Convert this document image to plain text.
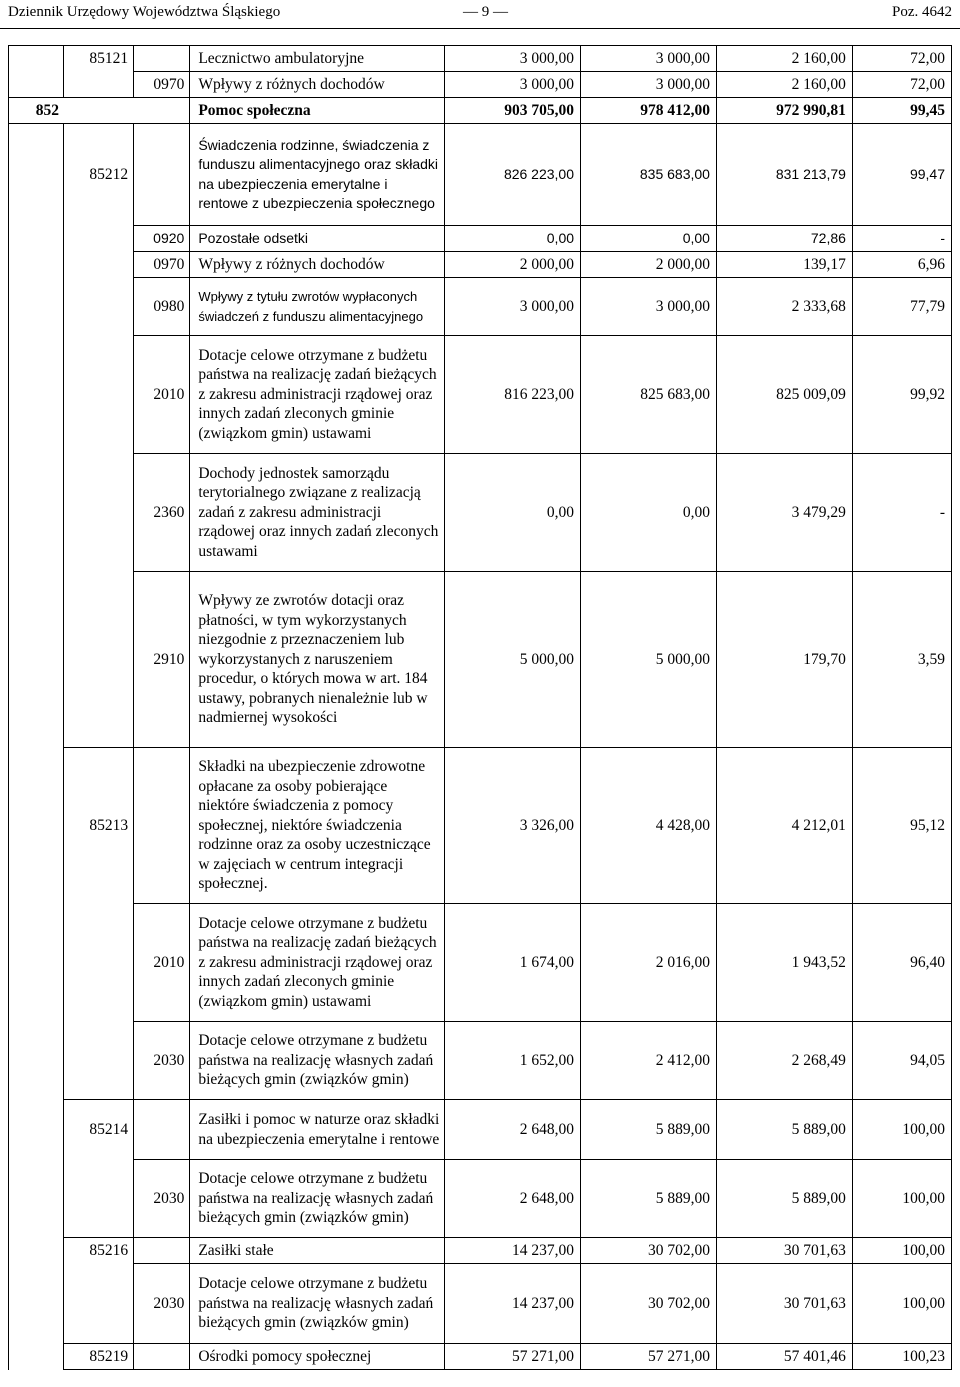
Dziennik Urzędowy Województwa Śląskiego	— 9 —	Poz. 4642
	85121		Lecznictwo ambulatoryjne	3 000,00	3 000,00	2 160,00	72,00
		0970	Wpływy z różnych dochodów	3 000,00	3 000,00	2 160,00	72,00
852			Pomoc społeczna	903 705,00	978 412,00	972 990,81	99,45
	85212		Świadczenia rodzinne, świadczenia z funduszu alimentacyjnego oraz składki na ubezpieczenia emerytalne i rentowe z ubezpieczenia społecznego	826 223,00	835 683,00	831 213,79	99,47
		0920	Pozostałe odsetki	0,00	0,00	72,86	-
		0970	Wpływy z różnych dochodów	2 000,00	2 000,00	139,17	6,96
		0980	Wpływy z tytułu zwrotów wypłaconych świadczeń z funduszu alimentacyjnego	3 000,00	3 000,00	2 333,68	77,79
		2010	Dotacje celowe otrzymane z budżetu państwa na realizację zadań bieżących z zakresu administracji rządowej oraz innych zadań zleconych gminie (związkom gmin) ustawami	816 223,00	825 683,00	825 009,09	99,92
		2360	Dochody jednostek samorządu terytorialnego związane z realizacją zadań z zakresu administracji rządowej oraz innych zadań zleconych ustawami	0,00	0,00	3 479,29	-
		2910	Wpływy ze zwrotów dotacji oraz płatności, w tym wykorzystanych niezgodnie z przeznaczeniem lub wykorzystanych z naruszeniem procedur, o których mowa w art. 184 ustawy, pobranych nienależnie lub w nadmiernej wysokości	5 000,00	5 000,00	179,70	3,59
	85213		Składki na ubezpieczenie zdrowotne opłacane za osoby pobierające niektóre świadczenia z pomocy społecznej, niektóre świadczenia rodzinne oraz za osoby uczestniczące w zajęciach w centrum integracji społecznej.	3 326,00	4 428,00	4 212,01	95,12
		2010	Dotacje celowe otrzymane z budżetu państwa na realizację zadań bieżących z zakresu administracji rządowej oraz innych zadań zleconych gminie (związkom gmin) ustawami	1 674,00	2 016,00	1 943,52	96,40
		2030	Dotacje celowe otrzymane z budżetu państwa na realizację własnych zadań bieżących gmin (związków gmin)	1 652,00	2 412,00	2 268,49	94,05
	85214		Zasiłki i pomoc w naturze oraz składki na ubezpieczenia emerytalne i rentowe	2 648,00	5 889,00	5 889,00	100,00
		2030	Dotacje celowe otrzymane z budżetu państwa na realizację własnych zadań bieżących gmin (związków gmin)	2 648,00	5 889,00	5 889,00	100,00
	85216		Zasiłki stałe	14 237,00	30 702,00	30 701,63	100,00
		2030	Dotacje celowe otrzymane z budżetu państwa na realizację własnych zadań bieżących gmin (związków gmin)	14 237,00	30 702,00	30 701,63	100,00
	85219		Ośrodki pomocy społecznej	57 271,00	57 271,00	57 401,46	100,23
